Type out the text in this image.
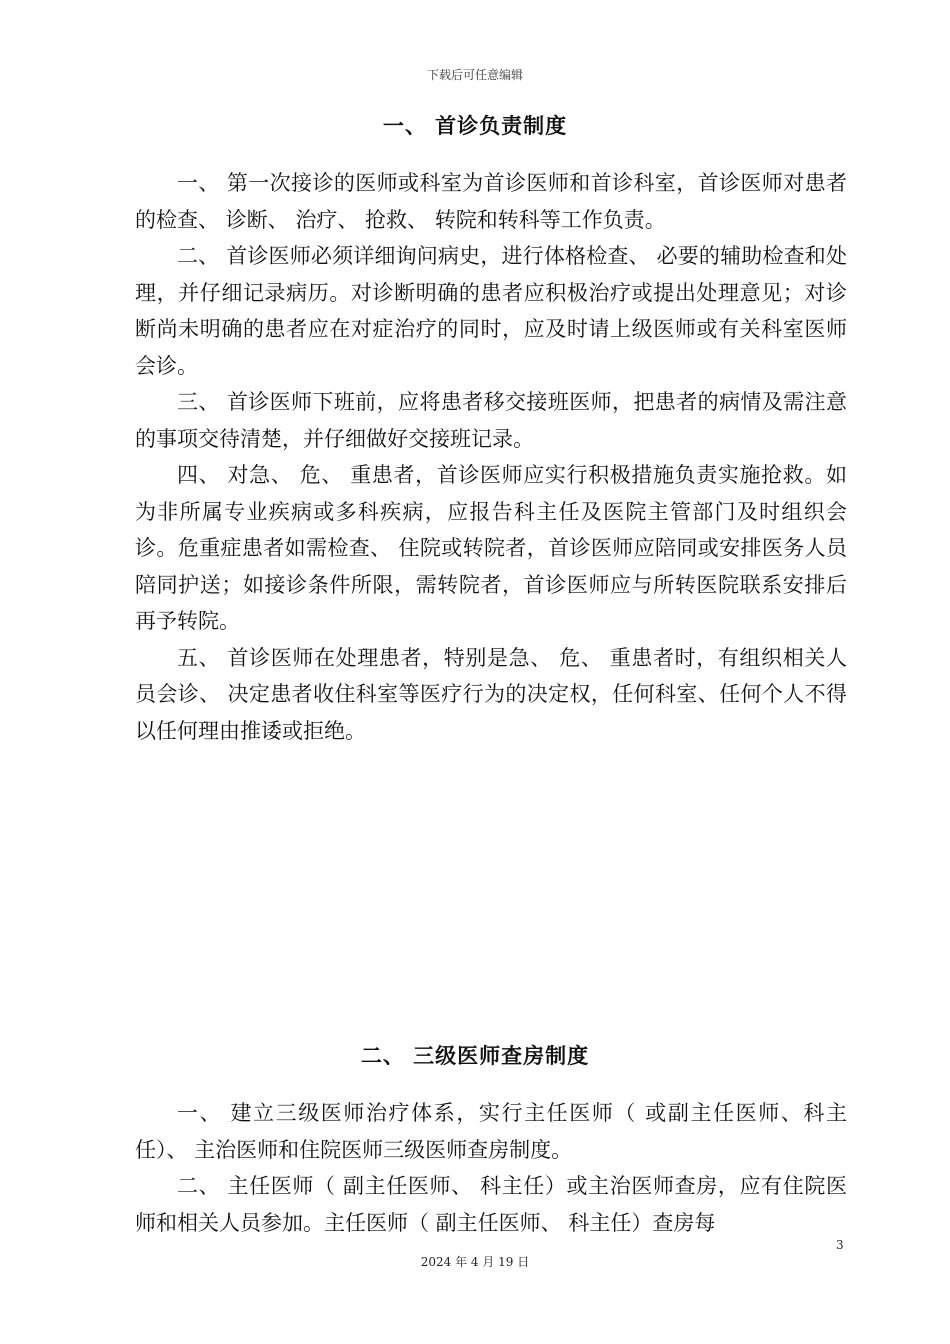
下载后可任意编辑
一、 首诊负责制度

一、 第一次接诊的医师或科室为首诊医师和首诊科室，首诊医师对患者的检查、 诊断、 治疗、 抢救、 转院和转科等工作负责。

二、 首诊医师必须详细询问病史，进行体格检查、 必要的辅助检查和处理，并仔细记录病历。对诊断明确的患者应积极治疗或提出处理意见；对诊断尚未明确的患者应在对症治疗的同时，应及时请上级医师或有关科室医师会诊。

三、 首诊医师下班前，应将患者移交接班医师，把患者的病情及需注意的事项交待清楚，并仔细做好交接班记录。

四、 对急、 危、 重患者，首诊医师应实行积极措施负责实施抢救。如为非所属专业疾病或多科疾病，应报告科主任及医院主管部门及时组织会诊。危重症患者如需检查、 住院或转院者，首诊医师应陪同或安排医务人员陪同护送；如接诊条件所限，需转院者，首诊医师应与所转医院联系安排后再予转院。

五、 首诊医师在处理患者，特别是急、 危、 重患者时，有组织相关人员会诊、 决定患者收住科室等医疗行为的决定权，任何科室、任何个人不得以任何理由推诿或拒绝。

二、 三级医师查房制度

一、 建立三级医师治疗体系，实行主任医师（ 或副主任医师、科主任）、 主治医师和住院医师三级医师查房制度。

二、 主任医师（ 副主任医师、 科主任）或主治医师查房，应有住院医师和相关人员参加。主任医师（ 副主任医师、 科主任）查房每

3
2024 年 4 月 19 日
